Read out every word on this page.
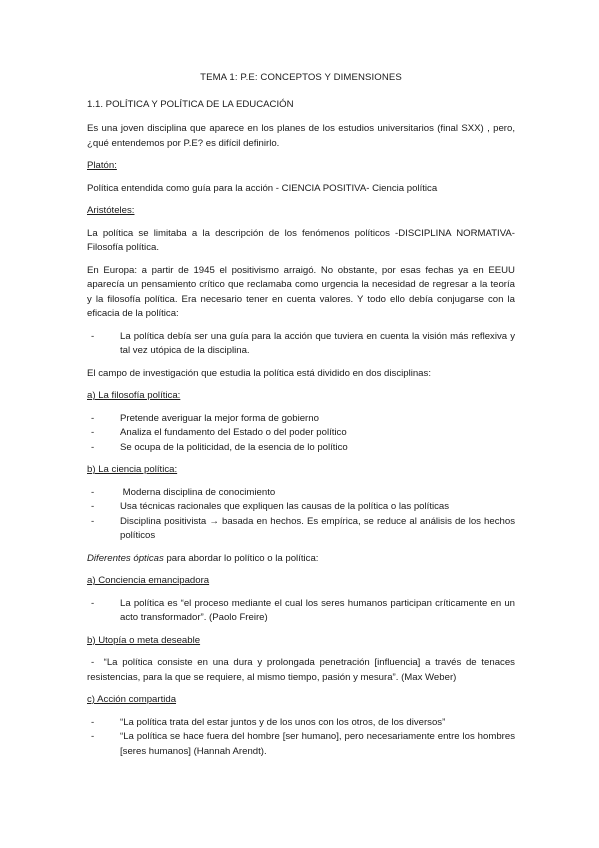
TEMA 1: P.E: CONCEPTOS Y DIMENSIONES
1.1. POLÍTICA Y POLÍTICA DE LA EDUCACIÓN

Es una joven disciplina que aparece en los planes de los estudios universitarios (final SXX) , pero, ¿qué entendemos por P.E? es difícil definirlo.

Platón:

Política entendida como guía para la acción - CIENCIA POSITIVA- Ciencia política

Aristóteles:

La política se limitaba a la descripción de los fenómenos políticos -DISCIPLINA NORMATIVA- Filosofía política.

En Europa: a partir de 1945 el positivismo arraigó. No obstante, por esas fechas ya en EEUU aparecía un pensamiento crítico que reclamaba como urgencia la necesidad de regresar a la teoría y la filosofía política. Era necesario tener en cuenta valores. Y todo ello debía conjugarse con la eficacia de la política:

-	La política debía ser una guía para la acción que tuviera en cuenta la visión más reflexiva y tal vez utópica de la disciplina.

El campo de investigación que estudia la política está dividido en dos disciplinas:

a) La filosofía política:

-	Pretende averiguar la mejor forma de gobierno
-	Analiza el fundamento del Estado o del poder político
-	Se ocupa de la politicidad, de la esencia de lo político

b) La ciencia política:

-	Moderna disciplina de conocimiento
-	Usa técnicas racionales que expliquen las causas de la política o las políticas
-	Disciplina positivista → basada en hechos. Es empírica, se reduce al análisis de los hechos políticos

Diferentes ópticas para abordar lo político o la política:

a) Conciencia emancipadora

-	La política es “el proceso mediante el cual los seres humanos participan críticamente en un acto transformador”. (Paolo Freire)

b) Utopía o meta deseable

- “La política consiste en una dura y prolongada penetración [influencia] a través de tenaces resistencias, para la que se requiere, al mismo tiempo, pasión y mesura”. (Max Weber)

c) Acción compartida

-	“La política trata del estar juntos y de los unos con los otros, de los diversos”
-	“La política se hace fuera del hombre [ser humano], pero necesariamente entre los hombres [seres humanos] (Hannah Arendt).
